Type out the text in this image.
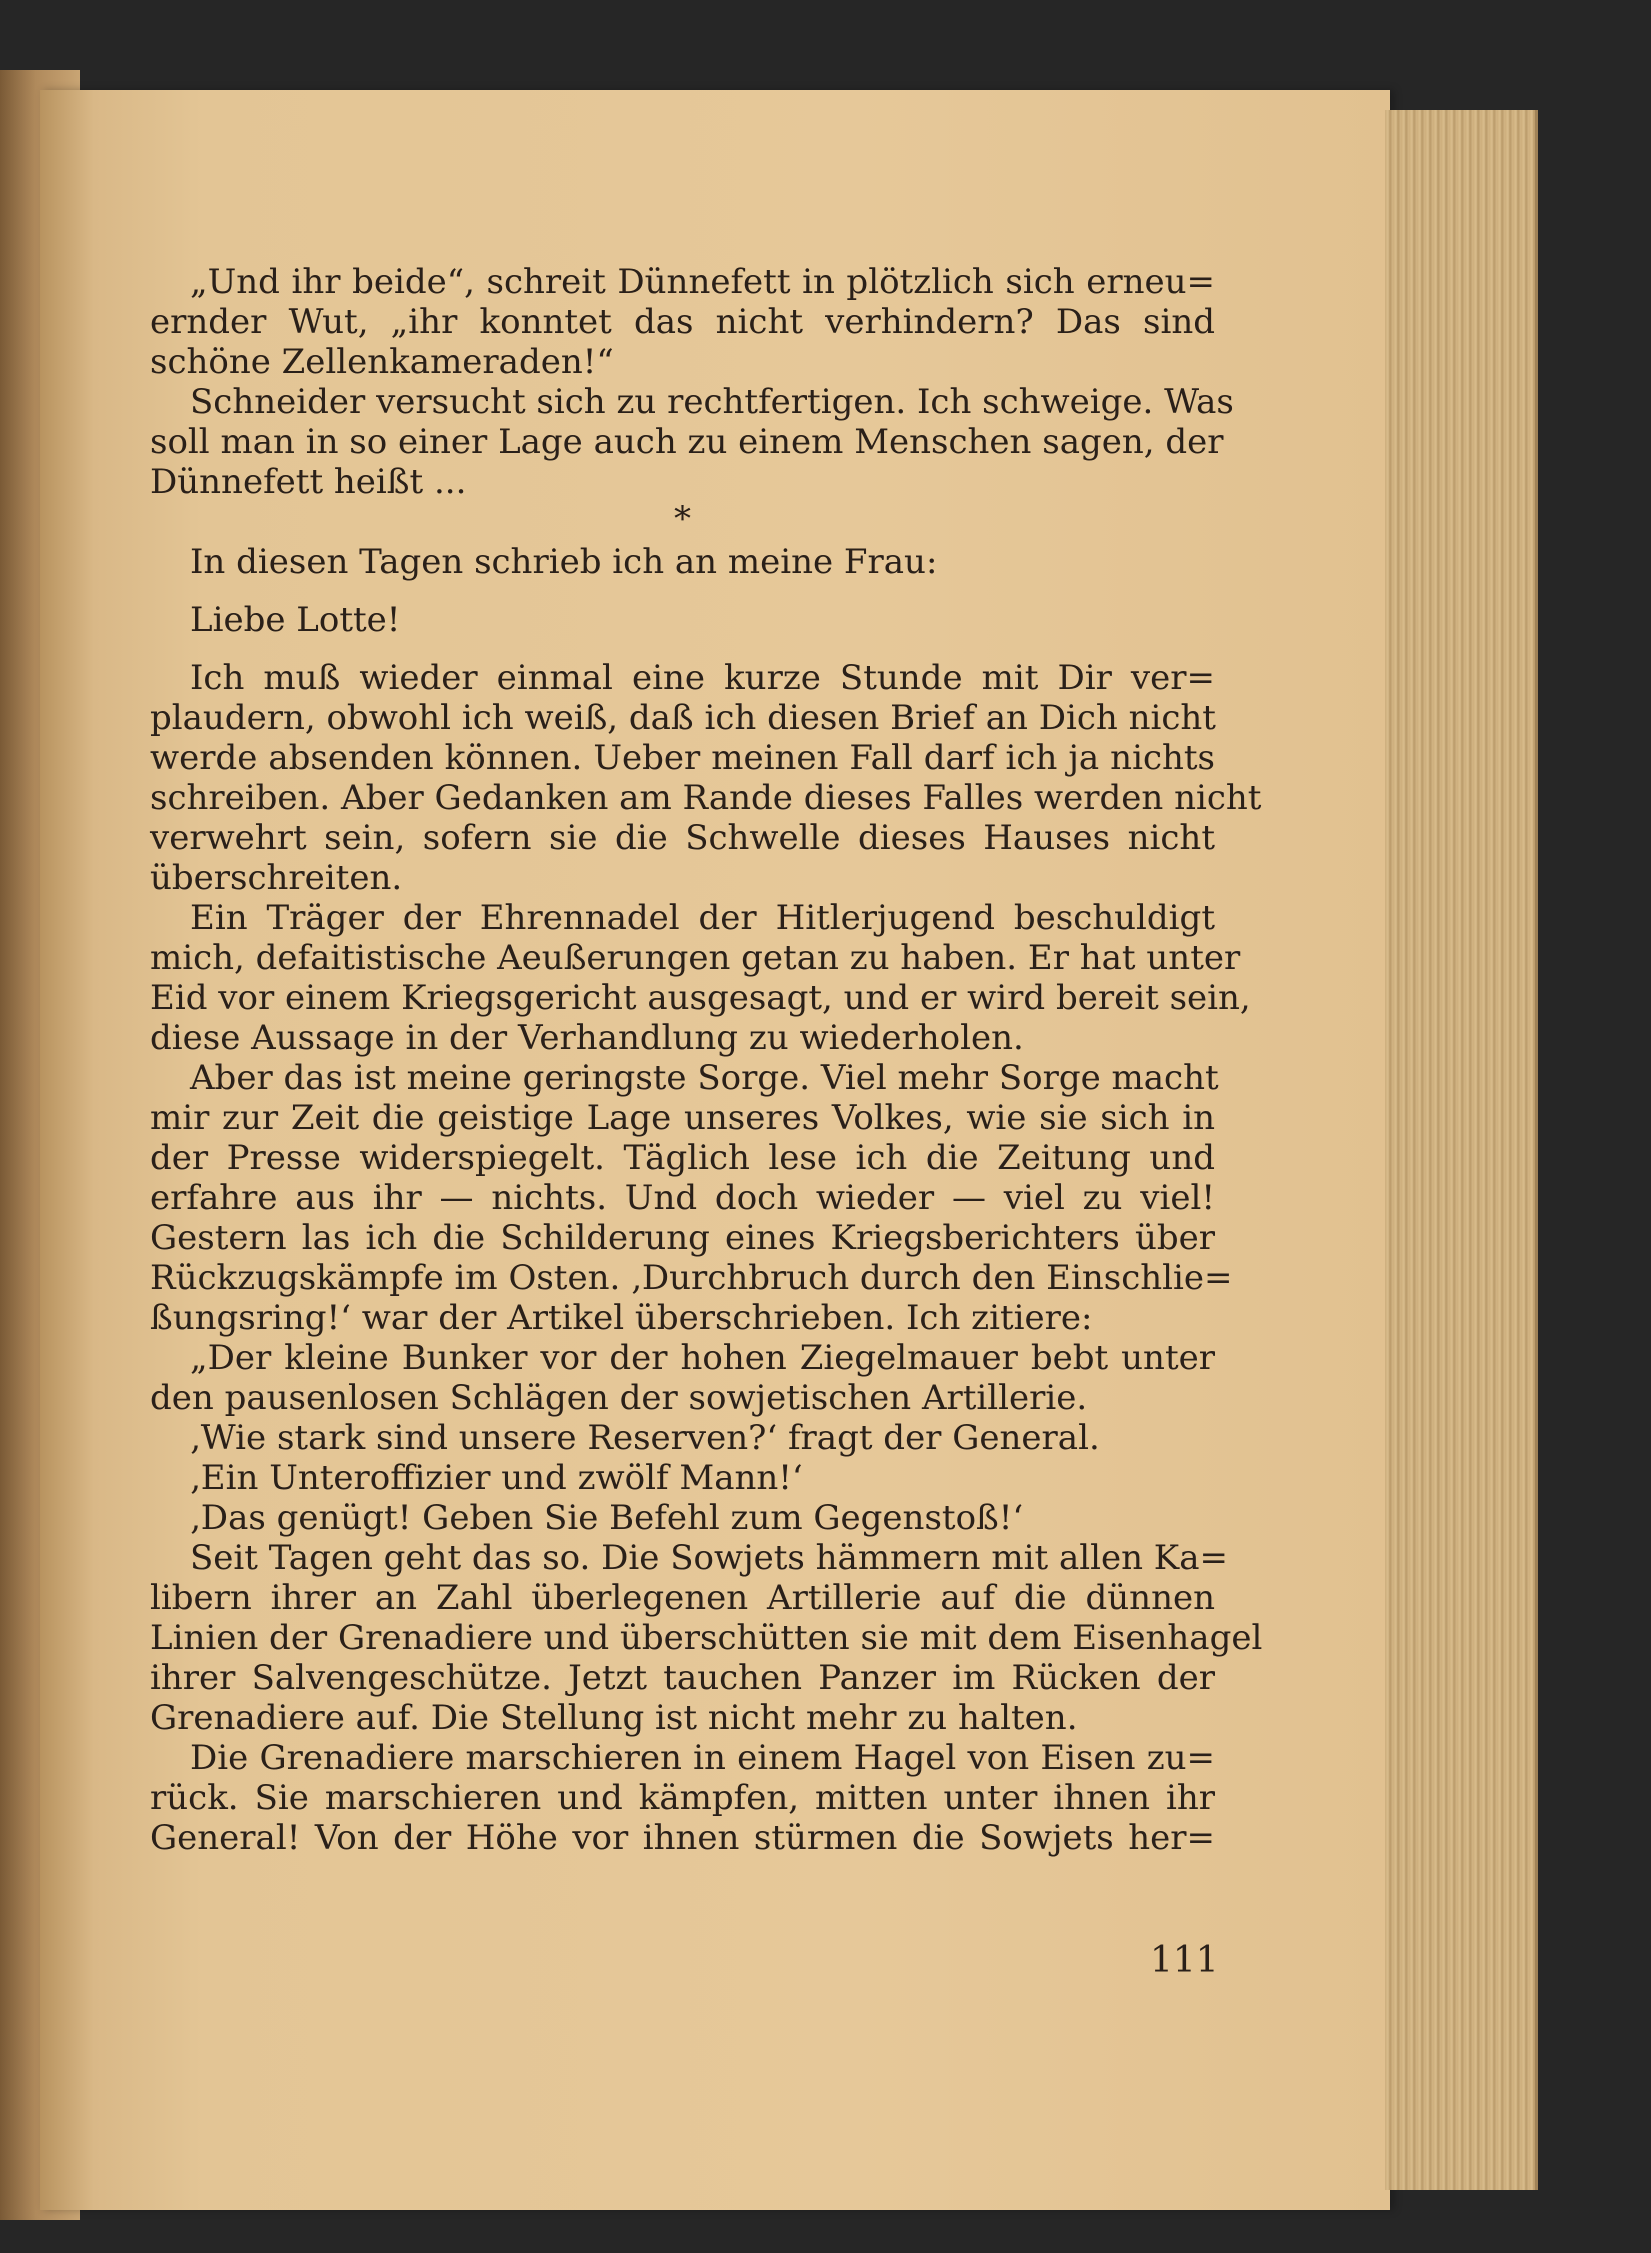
„Und ihr beide“, schreit Dünnefett in plötzlich sich erneu=
ernder Wut, „ihr konntet das nicht verhindern? Das sind
schöne Zellenkameraden!“
Schneider versucht sich zu rechtfertigen. Ich schweige. Was
soll man in so einer Lage auch zu einem Menschen sagen, der
Dünnefett heißt ...
*
In diesen Tagen schrieb ich an meine Frau:
Liebe Lotte!
Ich muß wieder einmal eine kurze Stunde mit Dir ver=
plaudern, obwohl ich weiß, daß ich diesen Brief an Dich nicht
werde absenden können. Ueber meinen Fall darf ich ja nichts
schreiben. Aber Gedanken am Rande dieses Falles werden nicht
verwehrt sein, sofern sie die Schwelle dieses Hauses nicht
überschreiten.
Ein Träger der Ehrennadel der Hitlerjugend beschuldigt
mich, defaitistische Aeußerungen getan zu haben. Er hat unter
Eid vor einem Kriegsgericht ausgesagt, und er wird bereit sein,
diese Aussage in der Verhandlung zu wiederholen.
Aber das ist meine geringste Sorge. Viel mehr Sorge macht
mir zur Zeit die geistige Lage unseres Volkes, wie sie sich in
der Presse widerspiegelt. Täglich lese ich die Zeitung und
erfahre aus ihr — nichts. Und doch wieder — viel zu viel!
Gestern las ich die Schilderung eines Kriegsberichters über
Rückzugskämpfe im Osten. ‚Durchbruch durch den Einschlie=
ßungsring!‘ war der Artikel überschrieben. Ich zitiere:
„Der kleine Bunker vor der hohen Ziegelmauer bebt unter
den pausenlosen Schlägen der sowjetischen Artillerie.
‚Wie stark sind unsere Reserven?‘ fragt der General.
‚Ein Unteroffizier und zwölf Mann!‘
‚Das genügt! Geben Sie Befehl zum Gegenstoß!‘
Seit Tagen geht das so. Die Sowjets hämmern mit allen Ka=
libern ihrer an Zahl überlegenen Artillerie auf die dünnen
Linien der Grenadiere und überschütten sie mit dem Eisenhagel
ihrer Salvengeschütze. Jetzt tauchen Panzer im Rücken der
Grenadiere auf. Die Stellung ist nicht mehr zu halten.
Die Grenadiere marschieren in einem Hagel von Eisen zu=
rück. Sie marschieren und kämpfen, mitten unter ihnen ihr
General! Von der Höhe vor ihnen stürmen die Sowjets her=
111
